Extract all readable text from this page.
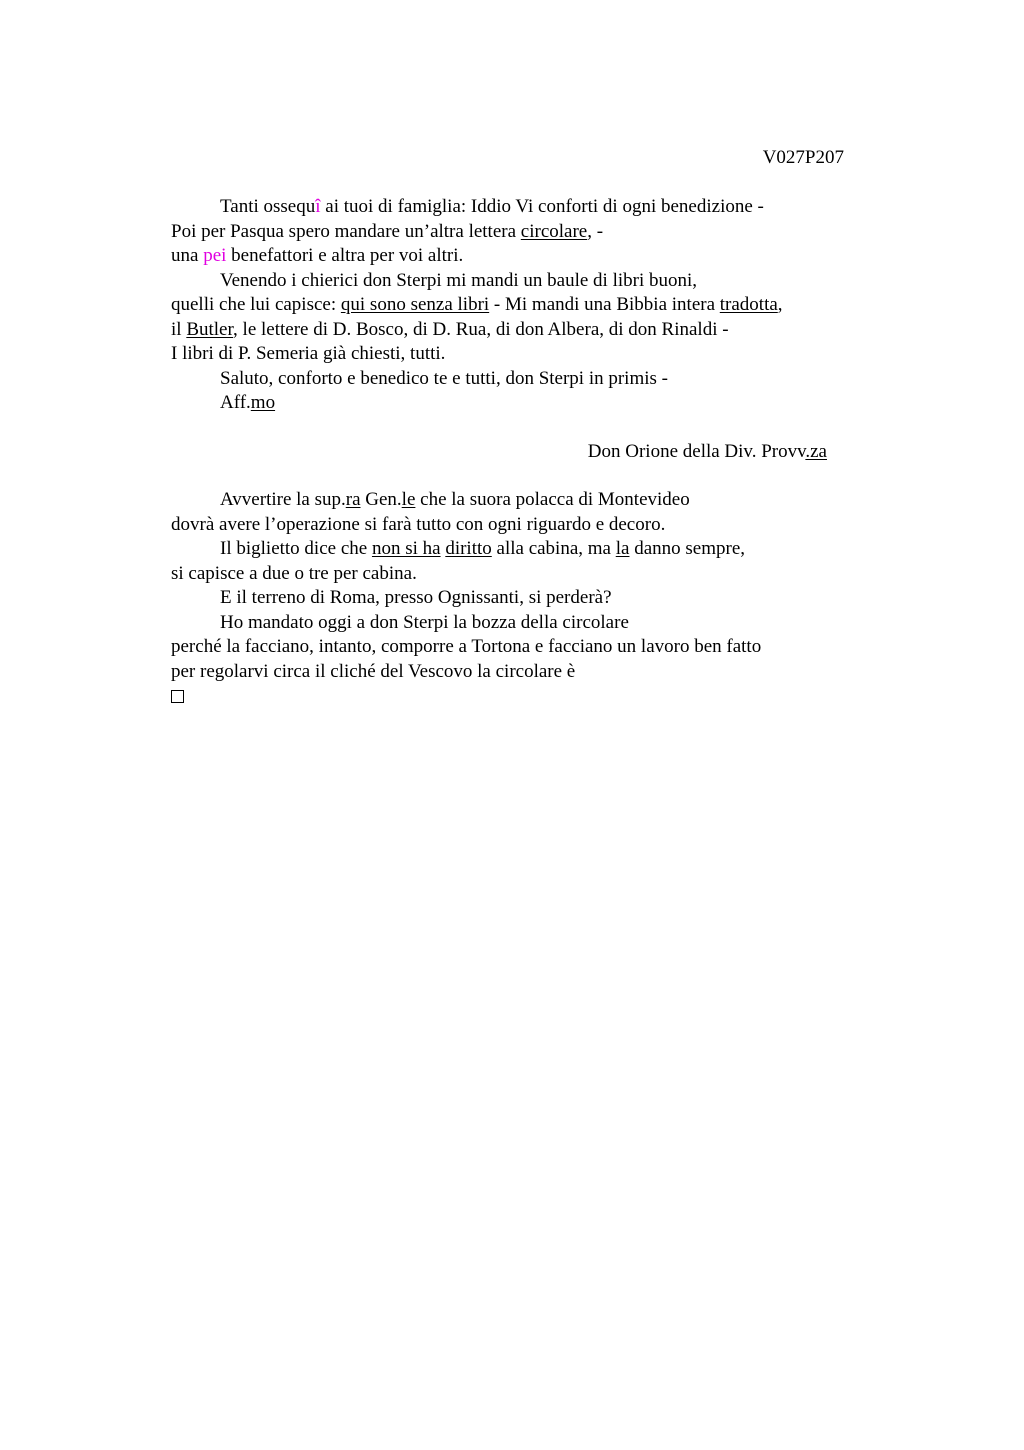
V027P207
Tanti ossequî ai tuoi di famiglia: Iddio Vi conforti di ogni benedizione -
Poi per Pasqua spero mandare un’altra lettera circolare, -
una pei benefattori e altra per voi altri.
Venendo i chierici don Sterpi mi mandi un baule di libri buoni,
quelli che lui capisce: qui sono senza libri - Mi mandi una Bibbia intera tradotta,
il Butler, le lettere di D. Bosco, di D. Rua, di don Albera, di don Rinaldi -
I libri di P. Semeria già chiesti, tutti.
Saluto, conforto e benedico te e tutti, don Sterpi in primis -
Aff.mo
Don Orione della Div. Provv.za
Avvertire la sup.ra Gen.le che la suora polacca di Montevideo
dovrà avere l’operazione si farà tutto con ogni riguardo e decoro.
Il biglietto dice che non si ha diritto alla cabina, ma la danno sempre,
si capisce a due o tre per cabina.
E il terreno di Roma, presso Ognissanti, si perderà?
Ho mandato oggi a don Sterpi la bozza della circolare
perché la facciano, intanto, comporre a Tortona e facciano un lavoro ben fatto
per regolarvi circa il cliché del Vescovo la circolare è
